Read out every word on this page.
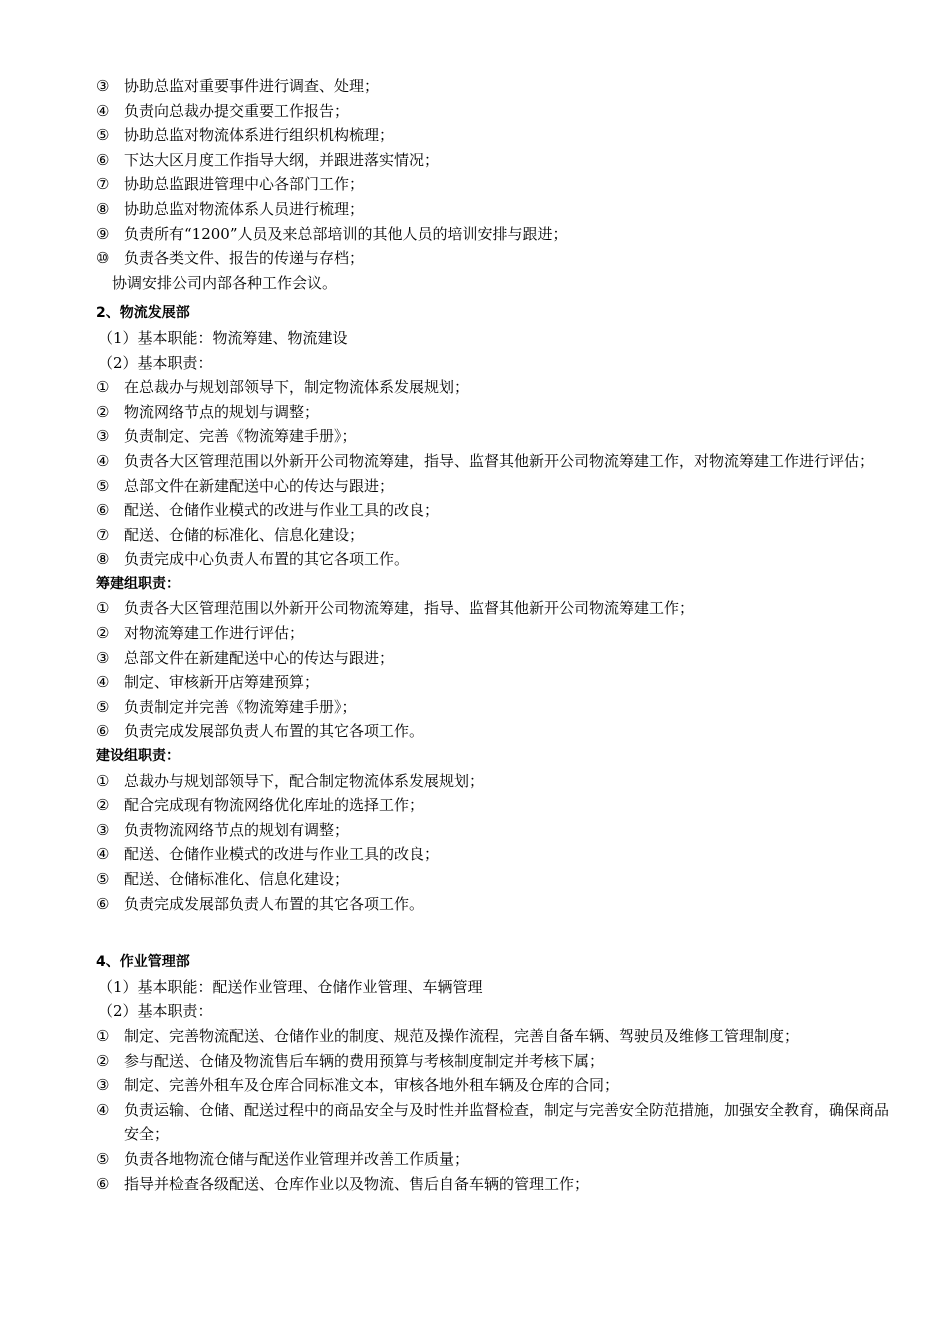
③ 协助总监对重要事件进行调查、处理；
④ 负责向总裁办提交重要工作报告；
⑤ 协助总监对物流体系进行组织机构梳理；
⑥ 下达大区月度工作指导大纲，并跟进落实情况；
⑦ 协助总监跟进管理中心各部门工作；
⑧ 协助总监对物流体系人员进行梳理；
⑨ 负责所有“1200”人员及来总部培训的其他人员的培训安排与跟进；
⑩ 负责各类文件、报告的传递与存档；
协调安排公司内部各种工作会议。
2、物流发展部
（1）基本职能：物流筹建、物流建设
（2）基本职责：
① 在总裁办与规划部领导下，制定物流体系发展规划；
② 物流网络节点的规划与调整；
③ 负责制定、完善《物流筹建手册》；
④ 负责各大区管理范围以外新开公司物流筹建，指导、监督其他新开公司物流筹建工作，对物流筹建工作进行评估；
⑤ 总部文件在新建配送中心的传达与跟进；
⑥ 配送、仓储作业模式的改进与作业工具的改良；
⑦ 配送、仓储的标准化、信息化建设；
⑧ 负责完成中心负责人布置的其它各项工作。
筹建组职责：
① 负责各大区管理范围以外新开公司物流筹建，指导、监督其他新开公司物流筹建工作；
② 对物流筹建工作进行评估；
③ 总部文件在新建配送中心的传达与跟进；
④ 制定、审核新开店筹建预算；
⑤ 负责制定并完善《物流筹建手册》；
⑥ 负责完成发展部负责人布置的其它各项工作。
建设组职责：
① 总裁办与规划部领导下，配合制定物流体系发展规划；
② 配合完成现有物流网络优化库址的选择工作；
③ 负责物流网络节点的规划有调整；
④ 配送、仓储作业模式的改进与作业工具的改良；
⑤ 配送、仓储标准化、信息化建设；
⑥ 负责完成发展部负责人布置的其它各项工作。
4、作业管理部
（1）基本职能：配送作业管理、仓储作业管理、车辆管理
（2）基本职责：
① 制定、完善物流配送、仓储作业的制度、规范及操作流程，完善自备车辆、驾驶员及维修工管理制度；
② 参与配送、仓储及物流售后车辆的费用预算与考核制度制定并考核下属；
③ 制定、完善外租车及仓库合同标准文本，审核各地外租车辆及仓库的合同；
④ 负责运输、仓储、配送过程中的商品安全与及时性并监督检查，制定与完善安全防范措施，加强安全教育，确保商品安全；
⑤ 负责各地物流仓储与配送作业管理并改善工作质量；
⑥ 指导并检查各级配送、仓库作业以及物流、售后自备车辆的管理工作；
